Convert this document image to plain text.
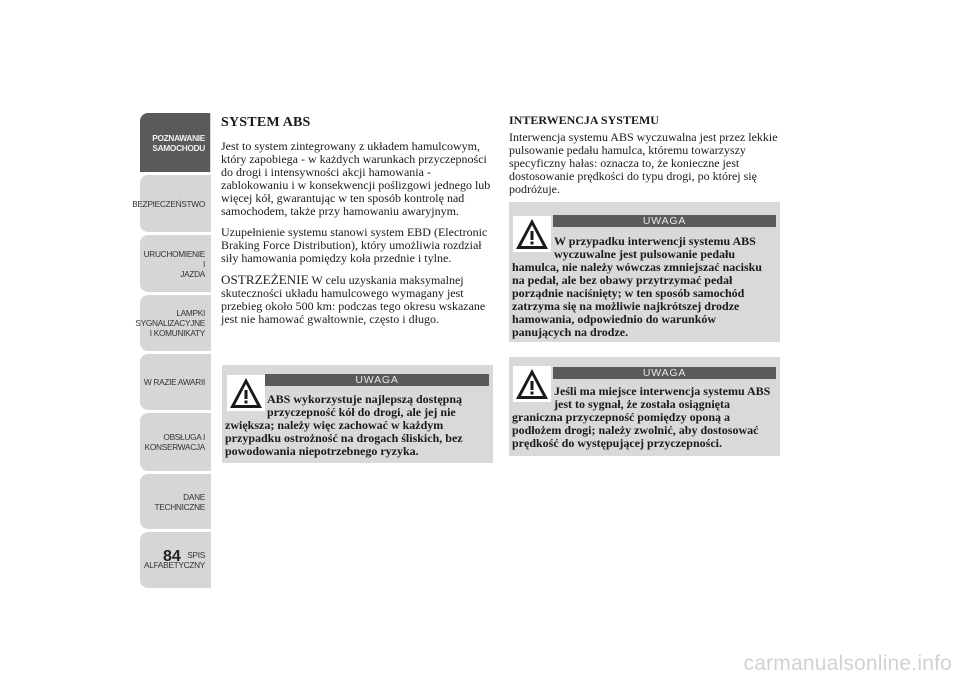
POZNAWANIE
SAMOCHODU
BEZPIECZEŃSTWO
URUCHOMIENIE I
JAZDA
LAMPKI
SYGNALIZACYJNE
I KOMUNIKATY
W RAZIE AWARII
OBSŁUGA I
KONSERWACJA
DANE
TECHNICZNE
SPIS
ALFABETYCZNY
84
SYSTEM ABS

Jest to system zintegrowany z układem hamulcowym, który zapobiega - w każdych warunkach przyczepności do drogi i intensywności akcji hamowania - zablokowaniu i w konsekwencji poślizgowi jednego lub więcej kół, gwarantując w ten sposób kontrolę nad samochodem, także przy hamowaniu awaryjnym.

Uzupełnienie systemu stanowi system EBD (Electronic Braking Force Distribution), który umożliwia rozdział siły hamowania pomiędzy koła przednie i tylne.

OSTRZEŻENIE W celu uzyskania maksymalnej skuteczności układu hamulcowego wymagany jest przebieg około 500 km: podczas tego okresu wskazane jest nie hamować gwałtownie, często i długo.

UWAGA
ABS wykorzystuje najlepszą dostępną
przyczepność kół do drogi, ale jej nie
zwiększa; należy więc zachować w każdym przypadku ostrożność na drogach śliskich, bez powodowania niepotrzebnego ryzyka.
INTERWENCJA SYSTEMU

Interwencja systemu ABS wyczuwalna jest przez lekkie pulsowanie pedału hamulca, któremu towarzyszy specyficzny hałas: oznacza to, że konieczne jest dostosowanie prędkości do typu drogi, po której się podróżuje.

UWAGA
W przypadku interwencji systemu ABS
wyczuwalne jest pulsowanie pedału
hamulca, nie należy wówczas zmniejszać nacisku na pedał, ale bez obawy przytrzymać pedał porządnie naciśnięty; w ten sposób samochód zatrzyma się na możliwie najkrótszej drodze hamowania, odpowiednio do warunków panujących na drodze.
UWAGA
Jeśli ma miejsce interwencja systemu ABS
jest to sygnał, że została osiągnięta
graniczna przyczepność pomiędzy oponą a podłożem drogi; należy zwolnić, aby dostosować prędkość do występującej przyczepności.
carmanualsonline.info
